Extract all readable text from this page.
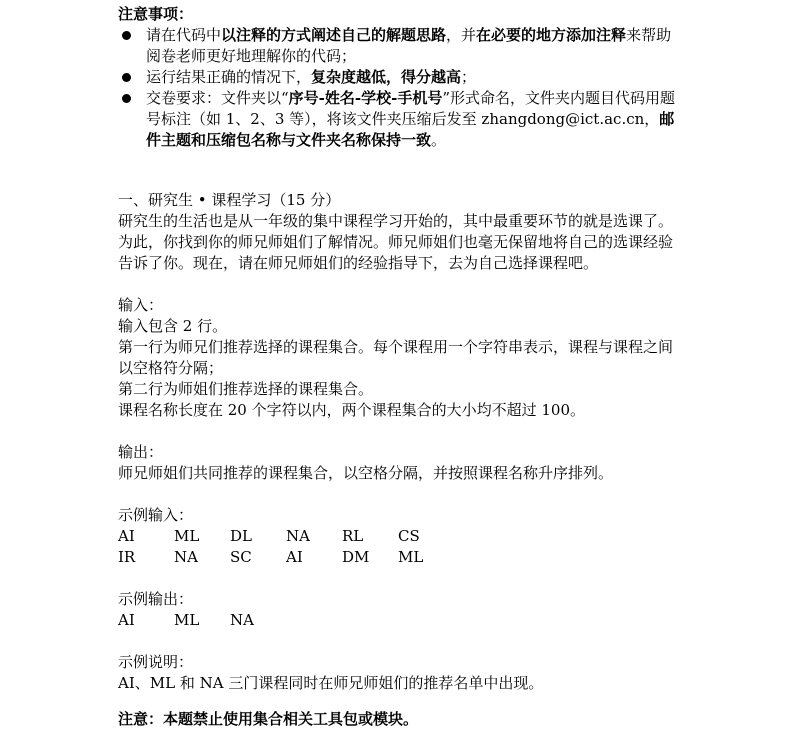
注意事项：
请在代码中以注释的方式阐述自己的解题思路，并在必要的地方添加注释来帮助阅卷老师更好地理解你的代码；
运行结果正确的情况下，复杂度越低，得分越高；
交卷要求：文件夹以“序号-姓名-学校-手机号”形式命名，文件夹内题目代码用题号标注（如 1、2、3 等），将该文件夹压缩后发至 zhangdong@ict.ac.cn，邮件主题和压缩包名称与文件夹名称保持一致。
一、研究生 • 课程学习（15 分）
研究生的生活也是从一年级的集中课程学习开始的，其中最重要环节的就是选课了。为此，你找到你的师兄师姐们了解情况。师兄师姐们也毫无保留地将自己的选课经验告诉了你。现在，请在师兄师姐们的经验指导下，去为自己选择课程吧。
输入：
输入包含 2 行。
第一行为师兄们推荐选择的课程集合。每个课程用一个字符串表示，课程与课程之间以空格符分隔；
第二行为师姐们推荐选择的课程集合。
课程名称长度在 20 个字符以内，两个课程集合的大小均不超过 100。
输出：
师兄师姐们共同推荐的课程集合，以空格分隔，并按照课程名称升序排列。
示例输入：
AI	ML	DL	NA	RL	CS
IR	NA	SC	AI	DM	ML
示例输出：
AI	ML	NA
示例说明：
AI、ML 和 NA 三门课程同时在师兄师姐们的推荐名单中出现。
注意：本题禁止使用集合相关工具包或模块。
